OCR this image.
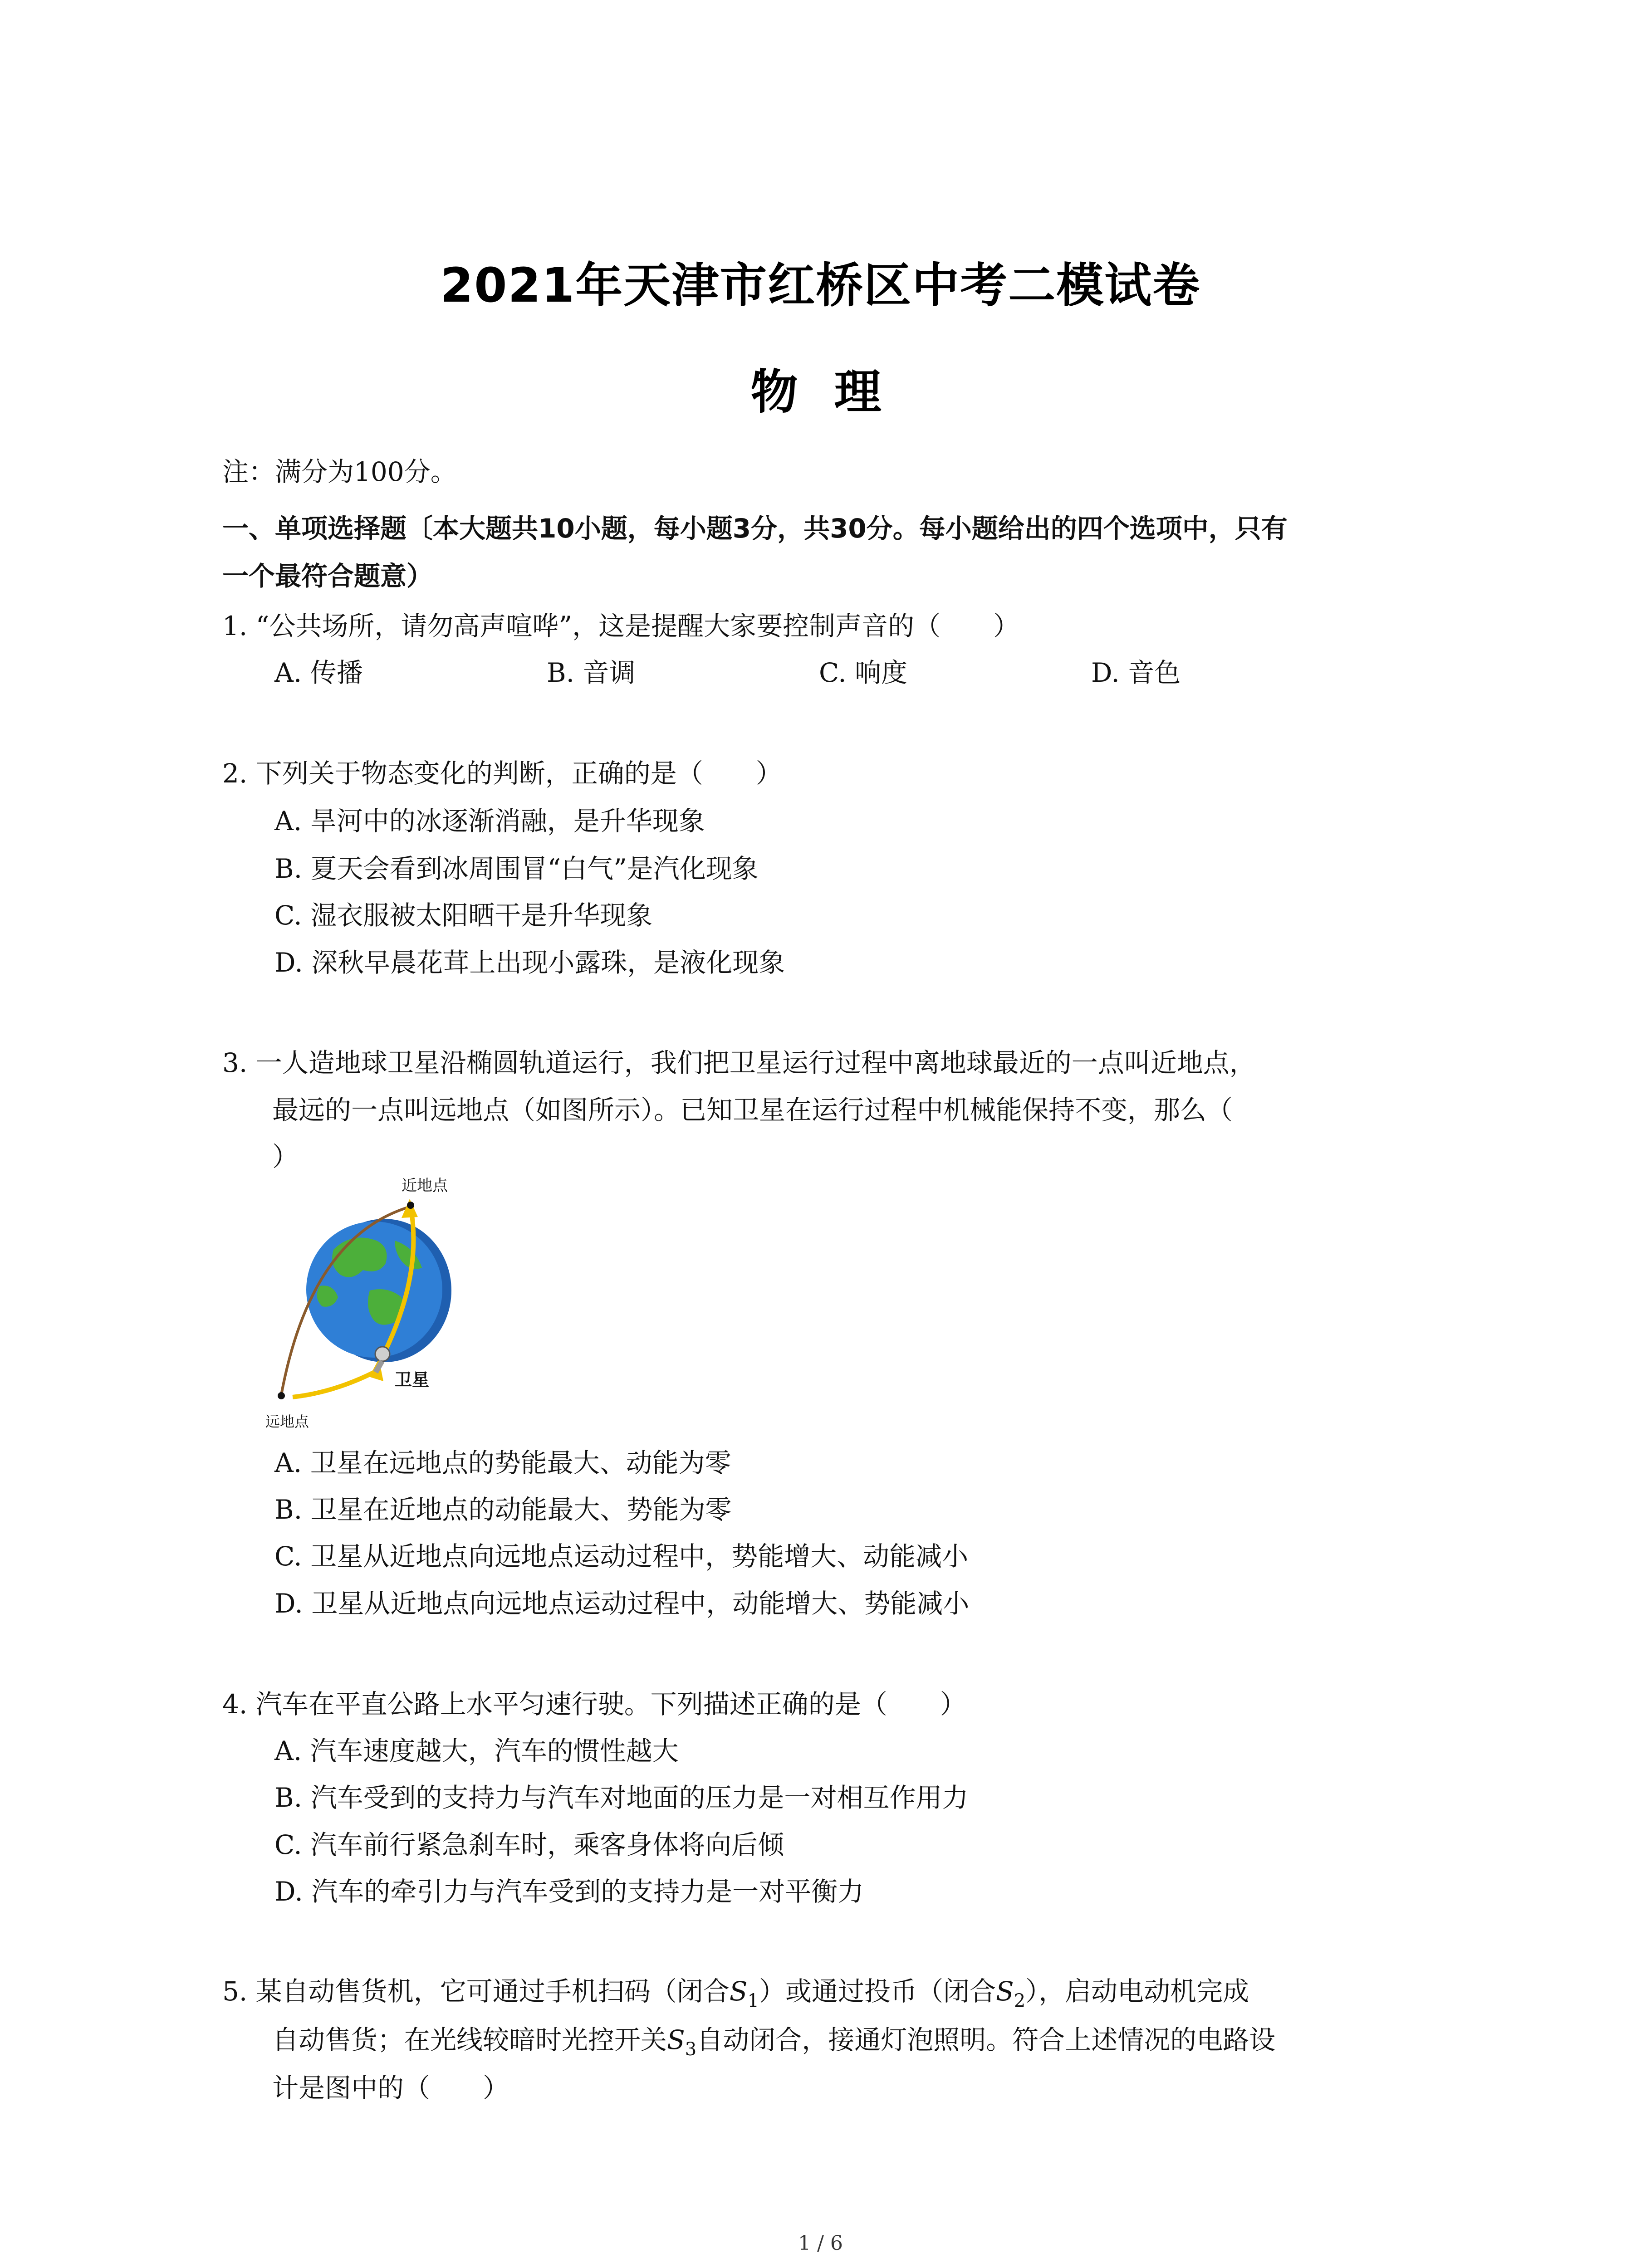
2021年天津市红桥区中考二模试卷
物理
注：满分为100分。
一、单项选择题〔本大题共10小题，每小题3分，共30分。每小题给出的四个选项中，只有
一个最符合题意）
1. “公共场所，请勿高声喧哗”，这是提醒大家要控制声音的（　　）
A. 传播	B. 音调	C. 响度	D. 音色
2. 下列关于物态变化的判断，正确的是（　　）
A. 旱河中的冰逐渐消融，是升华现象
B. 夏天会看到冰周围冒“白气”是汽化现象
C. 湿衣服被太阳晒干是升华现象
D. 深秋早晨花茸上出现小露珠，是液化现象
3. 一人造地球卫星沿椭圆轨道运行，我们把卫星运行过程中离地球最近的一点叫近地点，
最远的一点叫远地点（如图所示）。已知卫星在运行过程中机械能保持不变，那么（
）
近地点
卫星
远地点
A. 卫星在远地点的势能最大、动能为零
B. 卫星在近地点的动能最大、势能为零
C. 卫星从近地点向远地点运动过程中，势能增大、动能减小
D. 卫星从近地点向远地点运动过程中，动能增大、势能减小
4. 汽车在平直公路上水平匀速行驶。下列描述正确的是（　　）
A. 汽车速度越大，汽车的惯性越大
B. 汽车受到的支持力与汽车对地面的压力是一对相互作用力
C. 汽车前行紧急刹车时，乘客身体将向后倾
D. 汽车的牵引力与汽车受到的支持力是一对平衡力
5. 某自动售货机，它可通过手机扫码（闭合$S_1$）或通过投币（闭合$S_2$），启动电动机完成
自动售货；在光线较暗时光控开关$S_3$自动闭合，接通灯泡照明。符合上述情况的电路设
计是图中的（　　）
1 / 6
